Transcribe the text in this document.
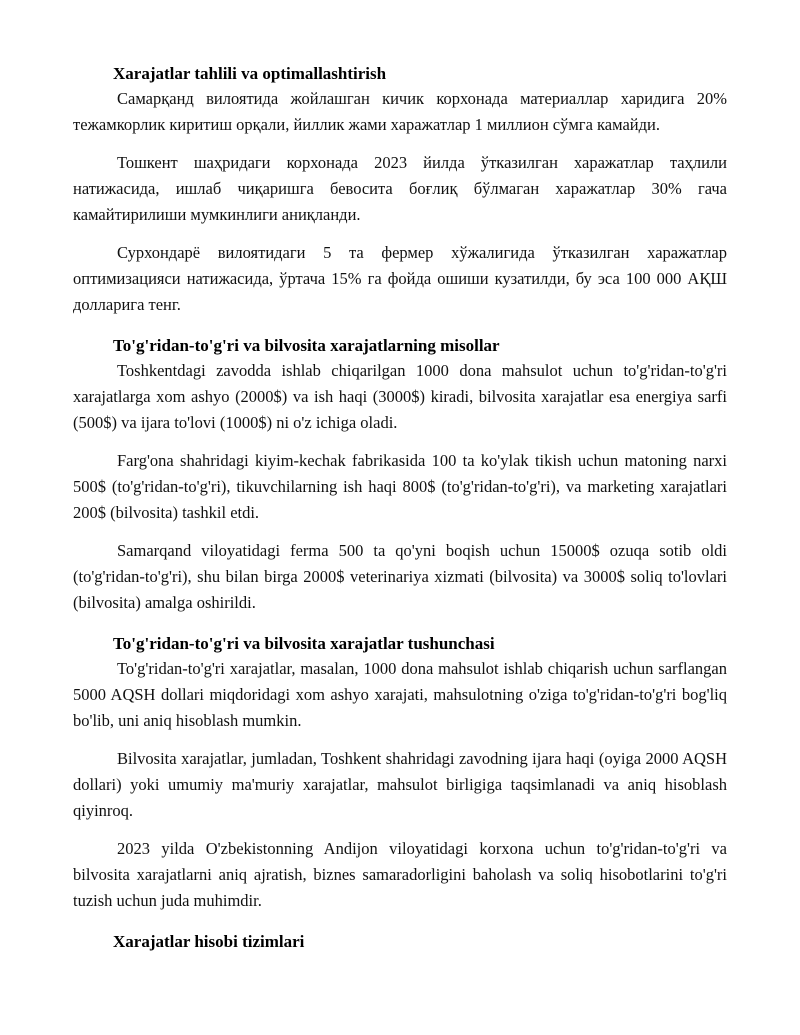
Xarajatlar tahlili va optimallashtirish

Самарқанд вилоятида жойлашган кичик корхонада материаллар харидига 20% тежамкорлик киритиш орқали, йиллик жами харажатлар 1 миллион сўмга камайди.

Тошкент шаҳридаги корхонада 2023 йилда ўтказилган харажатлар таҳлили натижасида, ишлаб чиқаришга бевосита боғлиқ бўлмаган харажатлар 30% гача камайтирилиши мумкинлиги аниқланди.

Сурхондарё вилоятидаги 5 та фермер хўжалигида ўтказилган харажатлар оптимизацияси натижасида, ўртача 15% га фойда ошиши кузатилди, бу эса 100 000 АҚШ долларига тенг.

To'g'ridan-to'g'ri va bilvosita xarajatlarning misollar

Toshkentdagi zavodda ishlab chiqarilgan 1000 dona mahsulot uchun to'g'ridan-to'g'ri xarajatlarga xom ashyo (2000$) va ish haqi (3000$) kiradi, bilvosita xarajatlar esa energiya sarfi (500$) va ijara to'lovi (1000$) ni o'z ichiga oladi.

Farg'ona shahridagi kiyim-kechak fabrikasida 100 ta ko'ylak tikish uchun matoning narxi 500$ (to'g'ridan-to'g'ri), tikuvchilarning ish haqi 800$ (to'g'ridan-to'g'ri), va marketing xarajatlari 200$ (bilvosita) tashkil etdi.

Samarqand viloyatidagi ferma 500 ta qo'yni boqish uchun 15000$ ozuqa sotib oldi (to'g'ridan-to'g'ri), shu bilan birga 2000$ veterinariya xizmati (bilvosita) va 3000$ soliq to'lovlari (bilvosita) amalga oshirildi.

To'g'ridan-to'g'ri va bilvosita xarajatlar tushunchasi

To'g'ridan-to'g'ri xarajatlar, masalan, 1000 dona mahsulot ishlab chiqarish uchun sarflangan 5000 AQSH dollari miqdoridagi xom ashyo xarajati, mahsulotning o'ziga to'g'ridan-to'g'ri bog'liq bo'lib, uni aniq hisoblash mumkin.

Bilvosita xarajatlar, jumladan, Toshkent shahridagi zavodning ijara haqi (oyiga 2000 AQSH dollari) yoki umumiy ma'muriy xarajatlar, mahsulot birligiga taqsimlanadi va aniq hisoblash qiyinroq.

2023 yilda O'zbekistonning Andijon viloyatidagi korxona uchun to'g'ridan-to'g'ri va bilvosita xarajatlarni aniq ajratish, biznes samaradorligini baholash va soliq hisobotlarini to'g'ri tuzish uchun juda muhimdir.

Xarajatlar hisobi tizimlari
